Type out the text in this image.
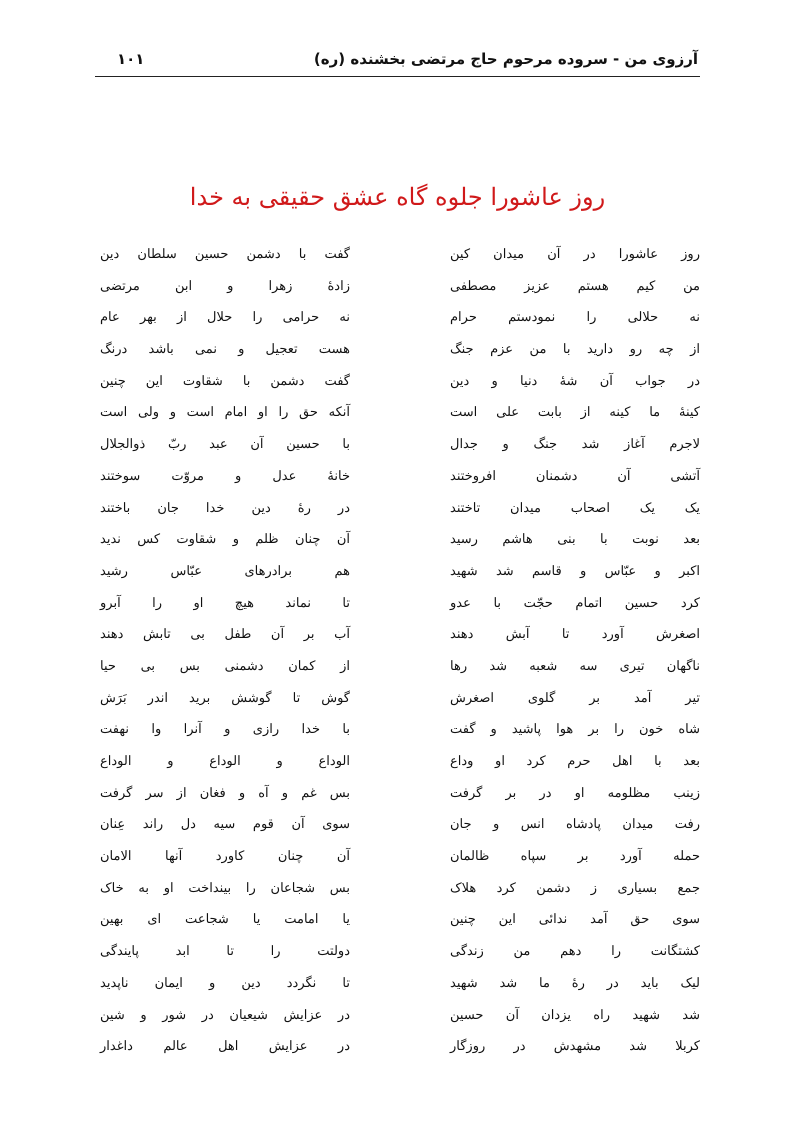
آرزوی من - سروده مرحوم حاج مرتضی بخشنده (ره)
۱۰۱
روز عاشورا جلوه گاه عشق حقیقی به خدا
روز عاشورا در آن میدان کین
گفت با دشمن حسین سلطان دین
من کیم هستم عزیز مصطفی
زادۀ زهرا و ابن مرتضی
نه حلالی را نمودستم حرام
نه حرامی را حلال از بهر عام
از چه رو دارید با من عزم جنگ
هست تعجیل و نمی باشد درنگ
در جواب آن شۀ دنیا و دین
گفت دشمن با شقاوت این چنین
کینۀ ما کینه از بابت علی است
آنکه حق را او امام است و ولی است
لاجرم آغاز شد جنگ و جدال
با حسین آن عبد ربّ ذوالجلال
آتشی آن دشمنان افروختند
خانۀ عدل و مروّت سوختند
یک یک اصحاب میدان تاختند
در رۀ دین خدا جان باختند
بعد نوبت با بنی هاشم رسید
آن چنان ظلم و شقاوت کس ندید
اکبر و عبّاس و قاسم شد شهید
هم برادرهای عبّاس رشید
کرد حسین اتمام حجّت با عدو
تا نماند هیچ او را آبرو
اصغرش آورد تا آبش دهند
آب بر آن طفل بی تابش دهند
ناگهان تیری سه شعبه شد رها
از کمان دشمنی بس بی حیا
تیر آمد بر گلوی اصغرش
گوش تا گوشش برید اندر بَرَش
شاه خون را بر هوا پاشید و گفت
با خدا رازی و آنرا وا نهفت
بعد با اهل حرم کرد او وداع
الوداع و الوداع و الوداع
زینب مظلومه او در بر گرفت
بس غم و آه و فغان از سر گرفت
رفت میدان پادشاه انس و جان
سوی آن قوم سیه دل راند عِنان
حمله آورد بر سپاه ظالمان
آن چنان کاورد آنها الامان
جمع بسیاری ز دشمن کرد هلاک
بس شجاعان را بینداخت او به خاک
سوی حق آمد ندائی این چنین
یا امامت یا شجاعت ای بهین
کشتگانت را دهم من زندگی
دولتت را تا ابد پایندگی
لیک باید در رۀ ما شد شهید
تا نگردد دین و ایمان ناپدید
شد شهید راه یزدان آن حسین
در عزایش شیعیان در شور و شین
کربلا شد مشهدش در روزگار
در عزایش اهل عالم داغدار
